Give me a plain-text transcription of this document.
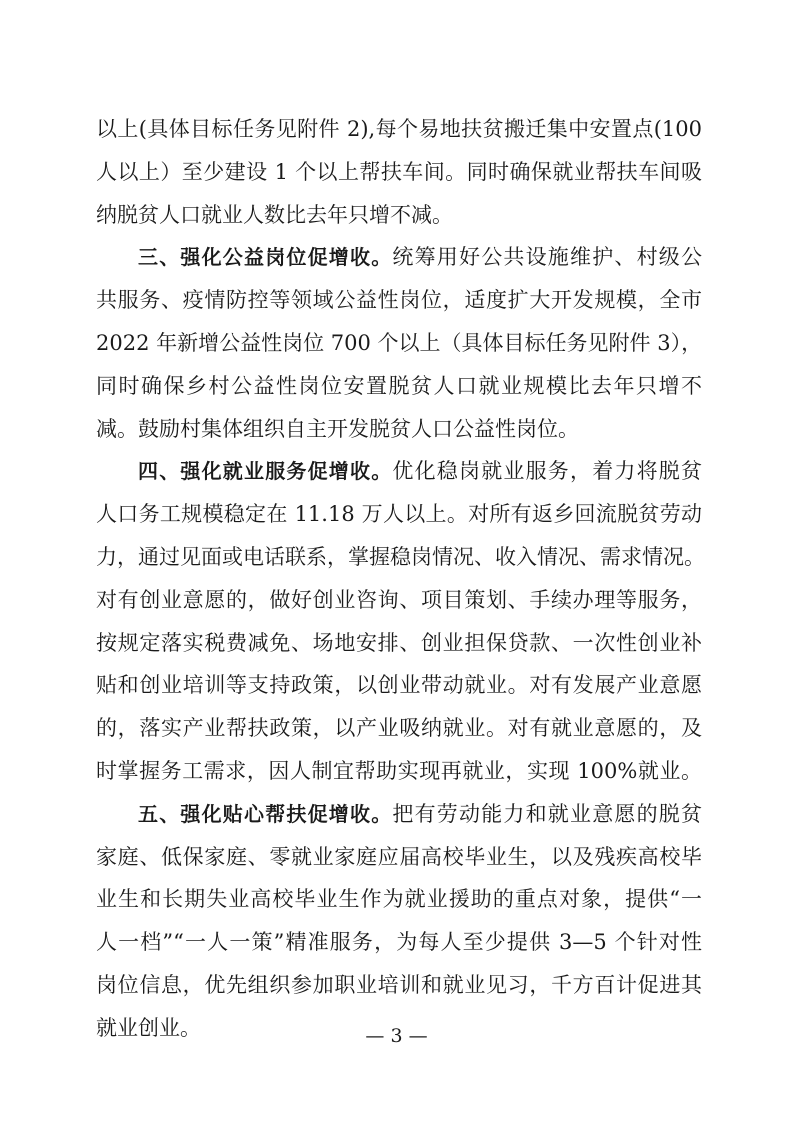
以上(具体目标任务见附件 2),每个易地扶贫搬迁集中安置点(100
人以上）至少建设 1 个以上帮扶车间。同时确保就业帮扶车间吸
纳脱贫人口就业人数比去年只增不减。
三、强化公益岗位促增收。统筹用好公共设施维护、村级公
共服务、疫情防控等领域公益性岗位，适度扩大开发规模，全市
2022 年新增公益性岗位 700 个以上（具体目标任务见附件 3），
同时确保乡村公益性岗位安置脱贫人口就业规模比去年只增不
减。鼓励村集体组织自主开发脱贫人口公益性岗位。
四、强化就业服务促增收。优化稳岗就业服务，着力将脱贫
人口务工规模稳定在 11.18 万人以上。对所有返乡回流脱贫劳动
力，通过见面或电话联系，掌握稳岗情况、收入情况、需求情况。
对有创业意愿的，做好创业咨询、项目策划、手续办理等服务，
按规定落实税费减免、场地安排、创业担保贷款、一次性创业补
贴和创业培训等支持政策，以创业带动就业。对有发展产业意愿
的，落实产业帮扶政策，以产业吸纳就业。对有就业意愿的，及
时掌握务工需求，因人制宜帮助实现再就业，实现 100%就业。
五、强化贴心帮扶促增收。把有劳动能力和就业意愿的脱贫
家庭、低保家庭、零就业家庭应届高校毕业生，以及残疾高校毕
业生和长期失业高校毕业生作为就业援助的重点对象，提供“一
人一档”“一人一策”精准服务，为每人至少提供 3—5 个针对性
岗位信息，优先组织参加职业培训和就业见习，千方百计促进其
就业创业。	— 3 —
